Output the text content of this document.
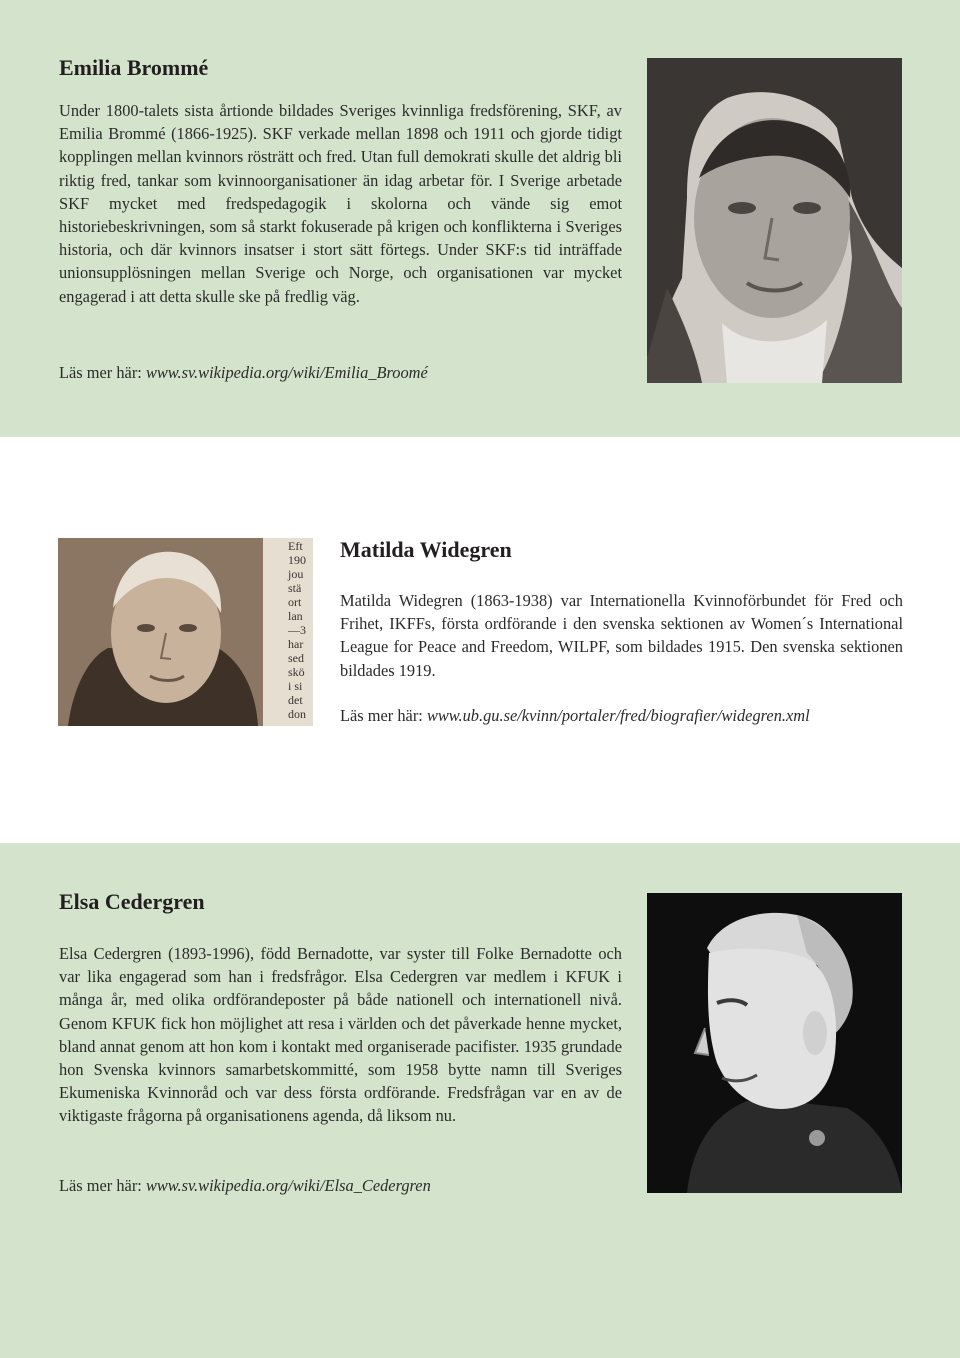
Emilia Brommé

Under 1800-talets sista årtionde bildades Sveriges kvinnliga fredsförening, SKF, av Emilia Brommé (1866-1925). SKF verkade mellan 1898 och 1911 och gjorde tidigt kopplingen mellan kvinnors rösträtt och fred. Utan full demokrati skulle det aldrig bli riktig fred, tankar som kvinnoorganisationer än idag arbetar för. I Sverige arbetade SKF mycket med fredspedagogik i skolorna och vände sig emot historiebeskrivningen, som så starkt fokuserade på krigen och konflikterna i Sveriges historia, och där kvinnors insatser i stort sätt förtegs. Under SKF:s tid inträffade unionsupplösningen mellan Sverige och Norge, och organisationen var mycket engagerad i att detta skulle ske på fredlig väg.

Läs mer här: www.sv.wikipedia.org/wiki/Emilia_Broomé

Eft
190
jou
stä
ort
lan
—3
har
sed
skö
i si
det
don
Matilda Widegren

Matilda Widegren (1863-1938) var Internationella Kvinnoförbundet för Fred och Frihet, IKFFs, första ordförande i den svenska sektionen av Women´s International League for Peace and Freedom, WILPF, som bildades 1915. Den svenska sektionen bildades 1919.

Läs mer här: www.ub.gu.se/kvinn/portaler/fred/biografier/widegren.xml

Elsa Cedergren

Elsa Cedergren (1893-1996), född Bernadotte, var syster till Folke Bernadotte och var lika engagerad som han i fredsfrågor. Elsa Cedergren var medlem i KFUK i många år, med olika ordförandeposter på både nationell och internationell nivå. Genom KFUK fick hon möjlighet att resa i världen och det påverkade henne mycket, bland annat genom att hon kom i kontakt med organiserade pacifister. 1935 grundade hon Svenska kvinnors samarbetskommitté, som 1958 bytte namn till Sveriges Ekumeniska Kvinnoråd och var dess första ordförande. Fredsfrågan var en av de viktigaste frågorna på organisationens agenda, då liksom nu.

Läs mer här: www.sv.wikipedia.org/wiki/Elsa_Cedergren
